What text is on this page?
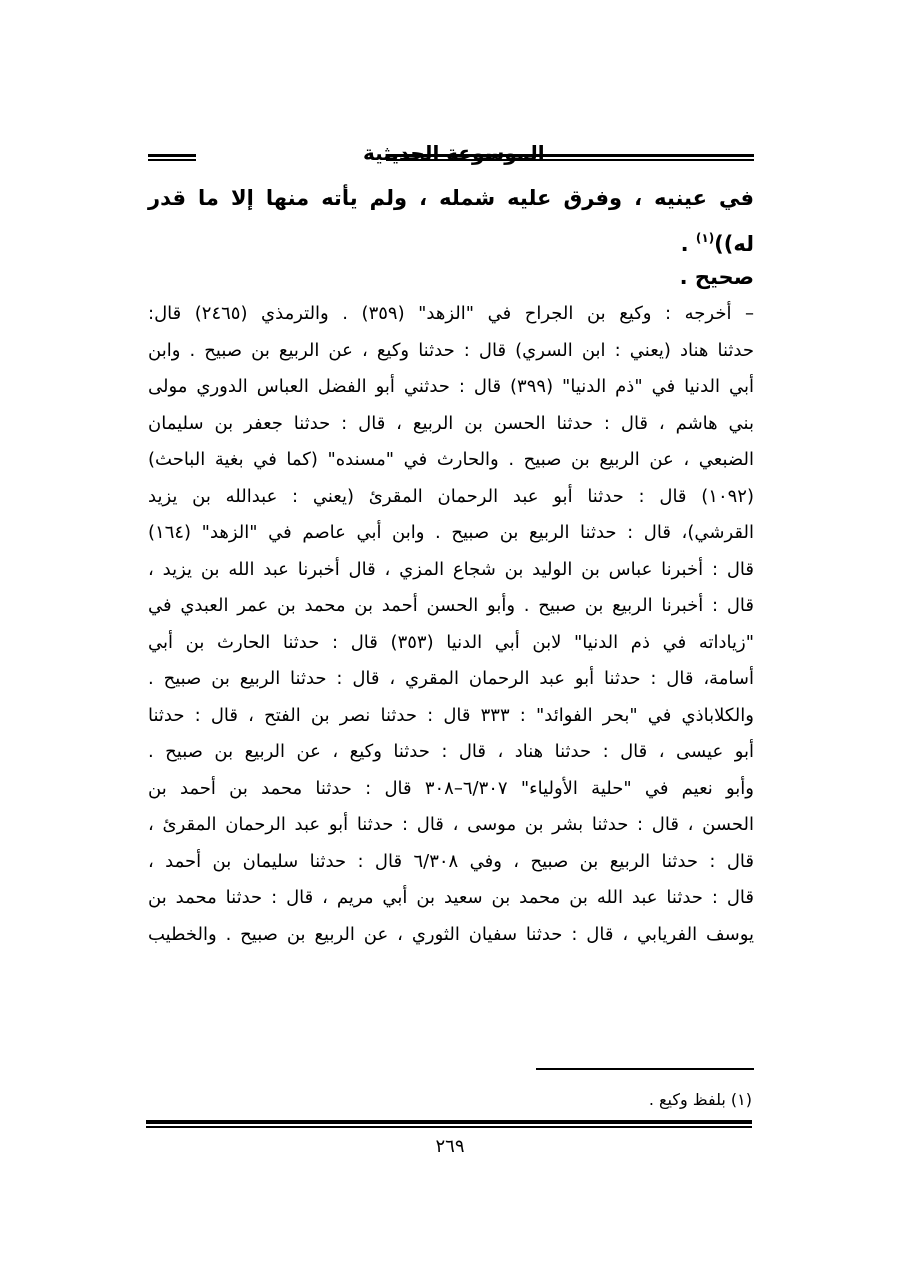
الموسوعة الحديثية
في عينيه ، وفرق عليه شمله ، ولم يأته منها إلا ما قدر
له))$^{(١)}$ .
صحيح .
– أخرجه : وكيع بن الجراح في "الزهد" (٣٥٩) . والترمذي (٢٤٦٥) قال:
حدثنا هناد (يعني : ابن السري) قال : حدثنا وكيع ، عن الربيع بن صبيح . وابن
أبي الدنيا في "ذم الدنيا" (٣٩٩) قال : حدثني أبو الفضل العباس الدوري مولى
بني هاشم ، قال : حدثنا الحسن بن الربيع ، قال : حدثنا جعفر بن سليمان
الضبعي ، عن الربيع بن صبيح . والحارث في "مسنده" (كما في بغية الباحث)
(١٠٩٢) قال : حدثنا أبو عبد الرحمان المقرئ (يعني : عبدالله بن يزيد
القرشي)، قال : حدثنا الربيع بن صبيح . وابن أبي عاصم في "الزهد" (١٦٤)
قال : أخبرنا عباس بن الوليد بن شجاع المزي ، قال أخبرنا عبد الله بن يزيد ،
قال : أخبرنا الربيع بن صبيح . وأبو الحسن أحمد بن محمد بن عمر العبدي في
"زياداته في ذم الدنيا" لابن أبي الدنيا (٣٥٣) قال : حدثنا الحارث بن أبي
أسامة، قال : حدثنا أبو عبد الرحمان المقري ، قال : حدثنا الربيع بن صبيح .
والكلاباذي في "بحر الفوائد" : ٣٣٣ قال : حدثنا نصر بن الفتح ، قال : حدثنا
أبو عيسى ، قال : حدثنا هناد ، قال : حدثنا وكيع ، عن الربيع بن صبيح .
وأبو نعيم في "حلية الأولياء" ٦/٣٠٧–٣٠٨ قال : حدثنا محمد بن أحمد بن
الحسن ، قال : حدثنا بشر بن موسى ، قال : حدثنا أبو عبد الرحمان المقرئ ،
قال : حدثنا الربيع بن صبيح ، وفي ٦/٣٠٨ قال : حدثنا سليمان بن أحمد ،
قال : حدثنا عبد الله بن محمد بن سعيد بن أبي مريم ، قال : حدثنا محمد بن
يوسف الفريابي ، قال : حدثنا سفيان الثوري ، عن الربيع بن صبيح . والخطيب
(١) بلفظ وكيع .
٢٦٩
